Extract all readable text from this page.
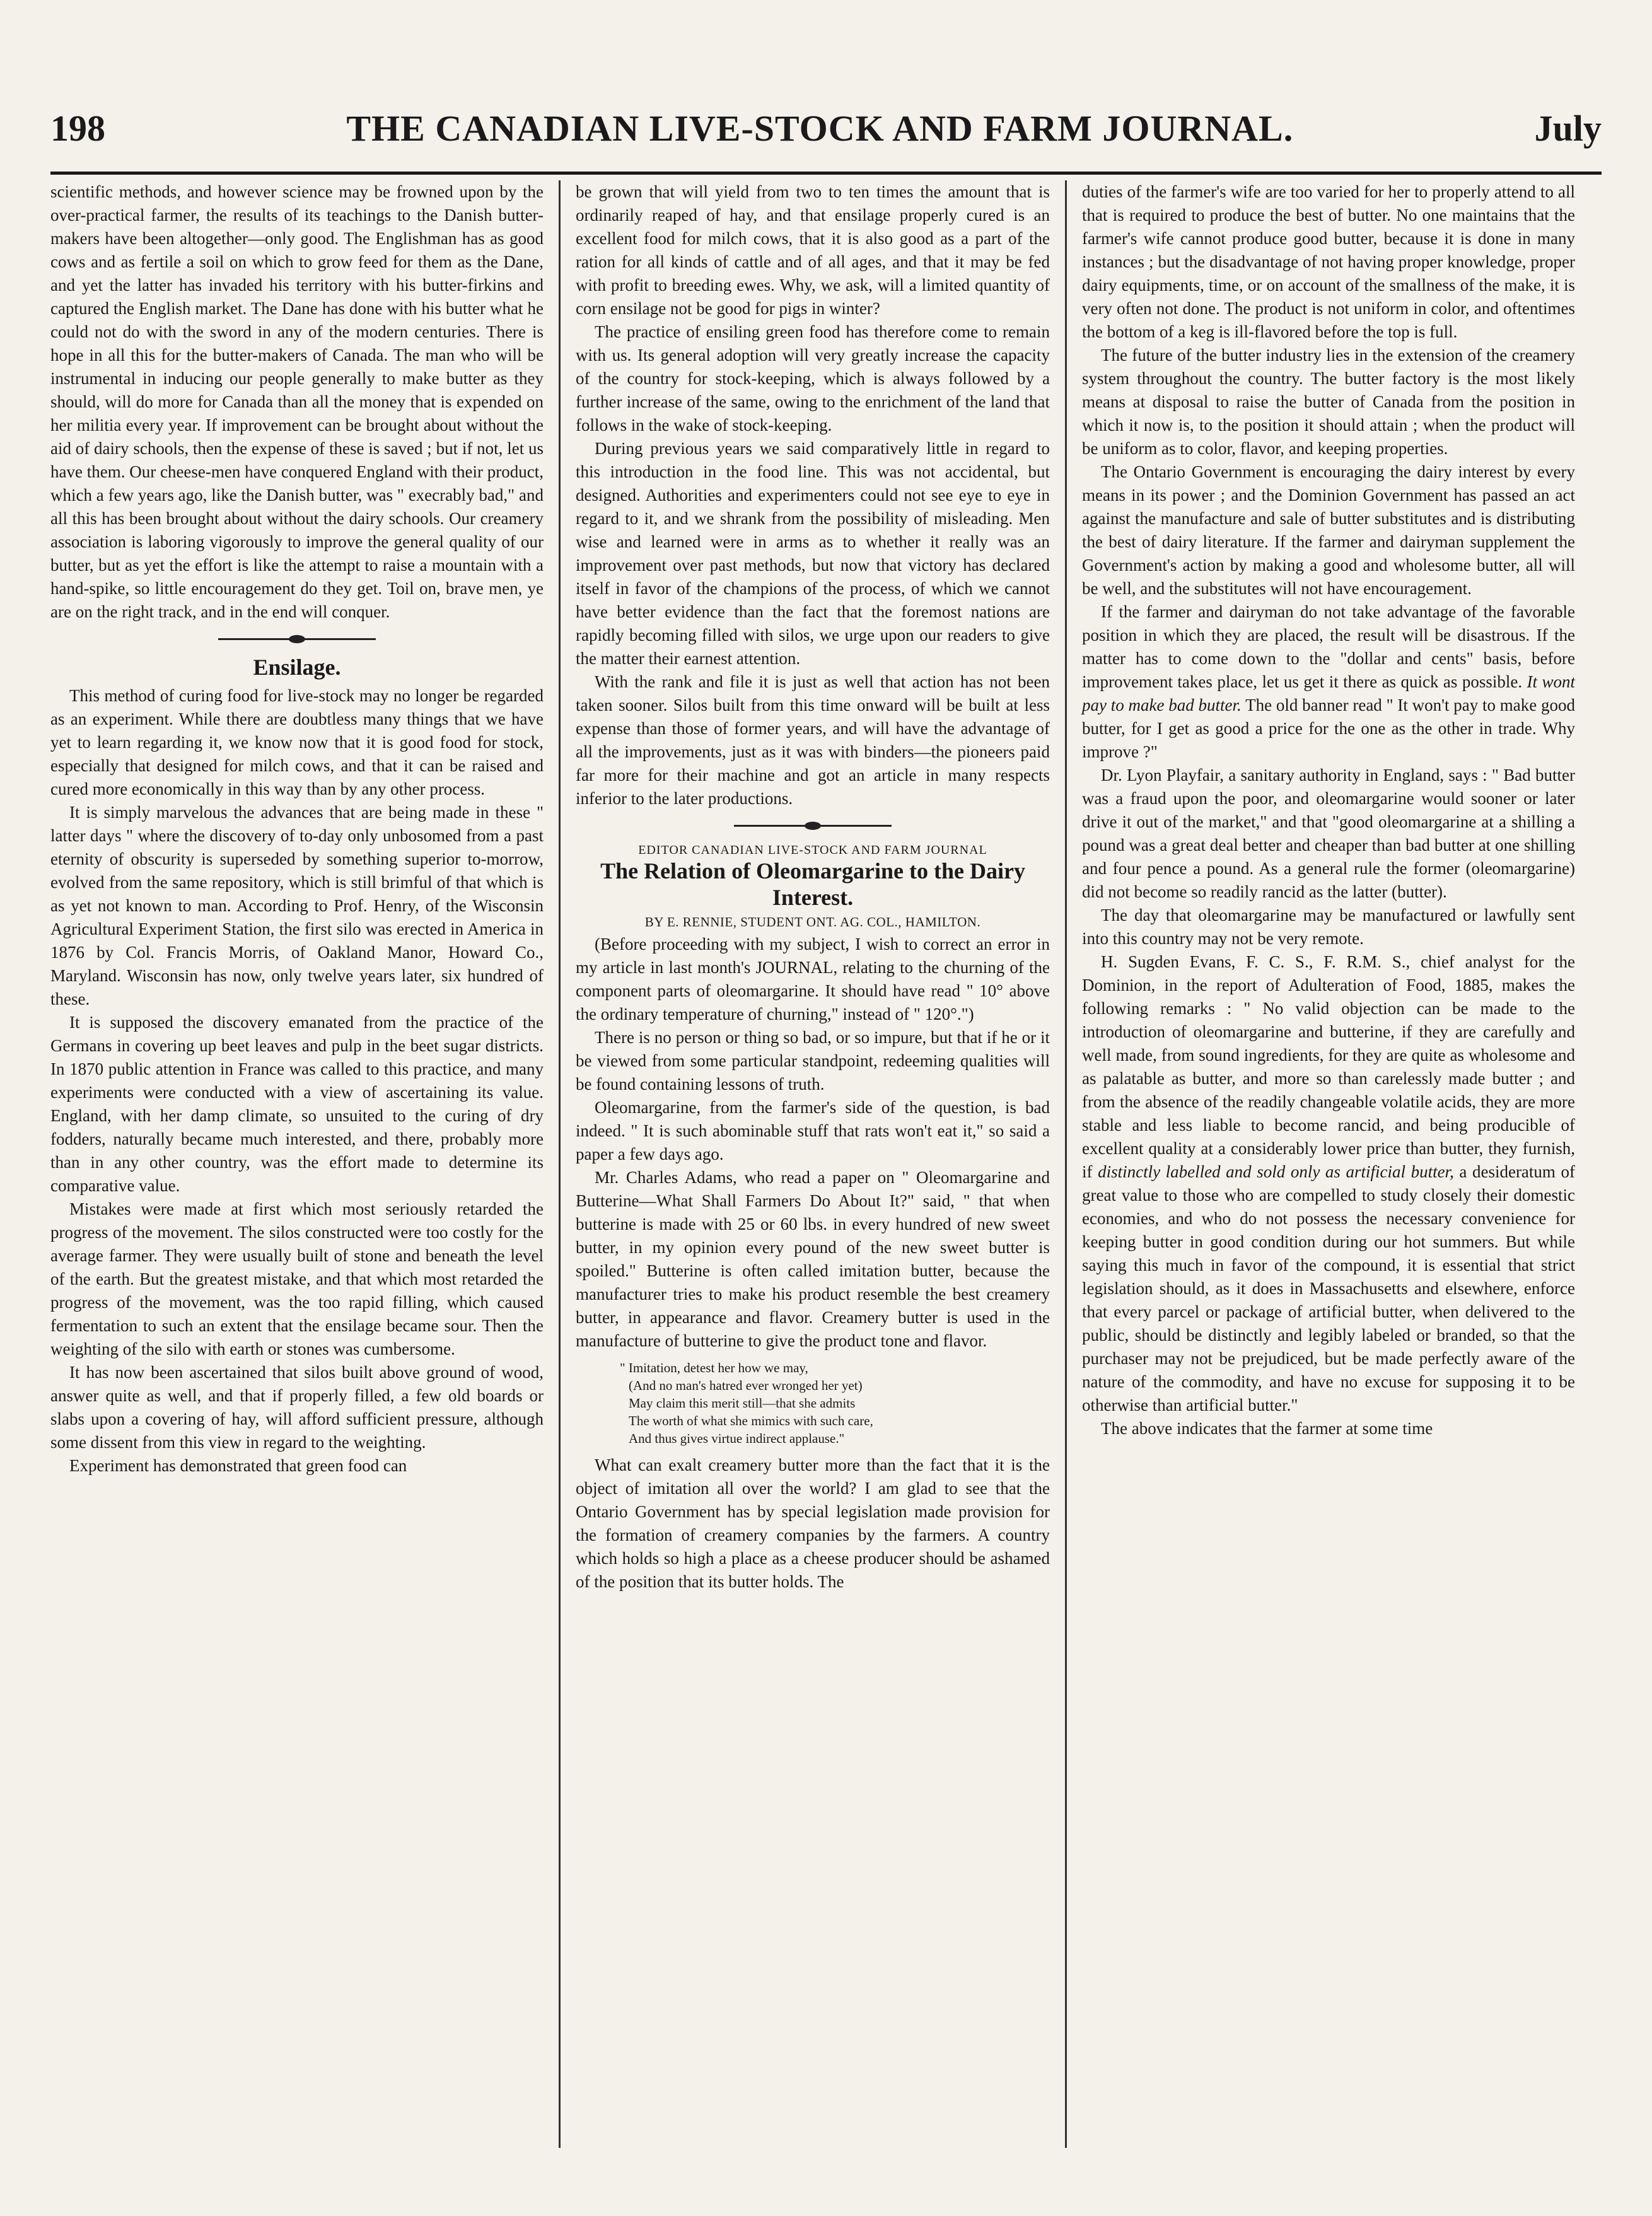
198	THE CANADIAN LIVE-STOCK AND FARM JOURNAL.	July

scientific methods, and however science may be frowned upon by the over-practical farmer, the results of its teachings to the Danish butter-makers have been altogether—only good. The Englishman has as good cows and as fertile a soil on which to grow feed for them as the Dane, and yet the latter has invaded his territory with his butter-firkins and captured the English market. The Dane has done with his butter what he could not do with the sword in any of the modern centuries. There is hope in all this for the butter-makers of Canada. The man who will be instrumental in inducing our people generally to make butter as they should, will do more for Canada than all the money that is expended on her militia every year. If improvement can be brought about without the aid of dairy schools, then the expense of these is saved ; but if not, let us have them. Our cheese-men have conquered England with their product, which a few years ago, like the Danish butter, was " execrably bad," and all this has been brought about without the dairy schools. Our creamery association is laboring vigorously to improve the general quality of our butter, but as yet the effort is like the attempt to raise a mountain with a hand-spike, so little encouragement do they get. Toil on, brave men, ye are on the right track, and in the end will conquer.

Ensilage.

This method of curing food for live-stock may no longer be regarded as an experiment. While there are doubtless many things that we have yet to learn regarding it, we know now that it is good food for stock, especially that designed for milch cows, and that it can be raised and cured more economically in this way than by any other process.

It is simply marvelous the advances that are being made in these " latter days " where the discovery of to-day only unbosomed from a past eternity of obscurity is superseded by something superior to-morrow, evolved from the same repository, which is still brimful of that which is as yet not known to man. According to Prof. Henry, of the Wisconsin Agricultural Experiment Station, the first silo was erected in America in 1876 by Col. Francis Morris, of Oakland Manor, Howard Co., Maryland. Wisconsin has now, only twelve years later, six hundred of these.

It is supposed the discovery emanated from the practice of the Germans in covering up beet leaves and pulp in the beet sugar districts. In 1870 public attention in France was called to this practice, and many experiments were conducted with a view of ascertaining its value. England, with her damp climate, so unsuited to the curing of dry fodders, naturally became much interested, and there, probably more than in any other country, was the effort made to determine its comparative value.

Mistakes were made at first which most seriously retarded the progress of the movement. The silos constructed were too costly for the average farmer. They were usually built of stone and beneath the level of the earth. But the greatest mistake, and that which most retarded the progress of the movement, was the too rapid filling, which caused fermentation to such an extent that the ensilage became sour. Then the weighting of the silo with earth or stones was cumbersome.

It has now been ascertained that silos built above ground of wood, answer quite as well, and that if properly filled, a few old boards or slabs upon a covering of hay, will afford sufficient pressure, although some dissent from this view in regard to the weighting.

Experiment has demonstrated that green food can

be grown that will yield from two to ten times the amount that is ordinarily reaped of hay, and that ensilage properly cured is an excellent food for milch cows, that it is also good as a part of the ration for all kinds of cattle and of all ages, and that it may be fed with profit to breeding ewes. Why, we ask, will a limited quantity of corn ensilage not be good for pigs in winter?

The practice of ensiling green food has therefore come to remain with us. Its general adoption will very greatly increase the capacity of the country for stock-keeping, which is always followed by a further increase of the same, owing to the enrichment of the land that follows in the wake of stock-keeping.

During previous years we said comparatively little in regard to this introduction in the food line. This was not accidental, but designed. Authorities and experimenters could not see eye to eye in regard to it, and we shrank from the possibility of misleading. Men wise and learned were in arms as to whether it really was an improvement over past methods, but now that victory has declared itself in favor of the champions of the process, of which we cannot have better evidence than the fact that the foremost nations are rapidly becoming filled with silos, we urge upon our readers to give the matter their earnest attention.

With the rank and file it is just as well that action has not been taken sooner. Silos built from this time onward will be built at less expense than those of former years, and will have the advantage of all the improvements, just as it was with binders—the pioneers paid far more for their machine and got an article in many respects inferior to the later productions.

EDITOR CANADIAN LIVE-STOCK AND FARM JOURNAL
The Relation of Oleomargarine to the Dairy Interest.
BY E. RENNIE, STUDENT ONT. AG. COL., HAMILTON.

(Before proceeding with my subject, I wish to correct an error in my article in last month's JOURNAL, relating to the churning of the component parts of oleomargarine. It should have read " 10° above the ordinary temperature of churning," instead of " 120°.")

There is no person or thing so bad, or so impure, but that if he or it be viewed from some particular standpoint, redeeming qualities will be found containing lessons of truth.

Oleomargarine, from the farmer's side of the question, is bad indeed. " It is such abominable stuff that rats won't eat it," so said a paper a few days ago.

Mr. Charles Adams, who read a paper on " Oleomargarine and Butterine—What Shall Farmers Do About It?" said, " that when butterine is made with 25 or 60 lbs. in every hundred of new sweet butter, in my opinion every pound of the new sweet butter is spoiled." Butterine is often called imitation butter, because the manufacturer tries to make his product resemble the best creamery butter, in appearance and flavor. Creamery butter is used in the manufacture of butterine to give the product tone and flavor.

" Imitation, detest her how we may,
(And no man's hatred ever wronged her yet)
May claim this merit still—that she admits
The worth of what she mimics with such care,
And thus gives virtue indirect applause."

What can exalt creamery butter more than the fact that it is the object of imitation all over the world? I am glad to see that the Ontario Government has by special legislation made provision for the formation of creamery companies by the farmers. A country which holds so high a place as a cheese producer should be ashamed of the position that its butter holds. The

duties of the farmer's wife are too varied for her to properly attend to all that is required to produce the best of butter. No one maintains that the farmer's wife cannot produce good butter, because it is done in many instances ; but the disadvantage of not having proper knowledge, proper dairy equipments, time, or on account of the smallness of the make, it is very often not done. The product is not uniform in color, and oftentimes the bottom of a keg is ill-flavored before the top is full.

The future of the butter industry lies in the extension of the creamery system throughout the country. The butter factory is the most likely means at disposal to raise the butter of Canada from the position in which it now is, to the position it should attain ; when the product will be uniform as to color, flavor, and keeping properties.

The Ontario Government is encouraging the dairy interest by every means in its power ; and the Dominion Government has passed an act against the manufacture and sale of butter substitutes and is distributing the best of dairy literature. If the farmer and dairyman supplement the Government's action by making a good and wholesome butter, all will be well, and the substitutes will not have encouragement.

If the farmer and dairyman do not take advantage of the favorable position in which they are placed, the result will be disastrous. If the matter has to come down to the "dollar and cents" basis, before improvement takes place, let us get it there as quick as possible. It wont pay to make bad butter. The old banner read " It won't pay to make good butter, for I get as good a price for the one as the other in trade. Why improve ?"

Dr. Lyon Playfair, a sanitary authority in England, says : " Bad butter was a fraud upon the poor, and oleomargarine would sooner or later drive it out of the market," and that "good oleomargarine at a shilling a pound was a great deal better and cheaper than bad butter at one shilling and four pence a pound. As a general rule the former (oleomargarine) did not become so readily rancid as the latter (butter).

The day that oleomargarine may be manufactured or lawfully sent into this country may not be very remote.

H. Sugden Evans, F. C. S., F. R.M. S., chief analyst for the Dominion, in the report of Adulteration of Food, 1885, makes the following remarks : " No valid objection can be made to the introduction of oleomargarine and butterine, if they are carefully and well made, from sound ingredients, for they are quite as wholesome and as palatable as butter, and more so than carelessly made butter ; and from the absence of the readily changeable volatile acids, they are more stable and less liable to become rancid, and being producible of excellent quality at a considerably lower price than butter, they furnish, if distinctly labelled and sold only as artificial butter, a desideratum of great value to those who are compelled to study closely their domestic economies, and who do not possess the necessary convenience for keeping butter in good condition during our hot summers. But while saying this much in favor of the compound, it is essential that strict legislation should, as it does in Massachusetts and elsewhere, enforce that every parcel or package of artificial butter, when delivered to the public, should be distinctly and legibly labeled or branded, so that the purchaser may not be prejudiced, but be made perfectly aware of the nature of the commodity, and have no excuse for supposing it to be otherwise than artificial butter."

The above indicates that the farmer at some time
